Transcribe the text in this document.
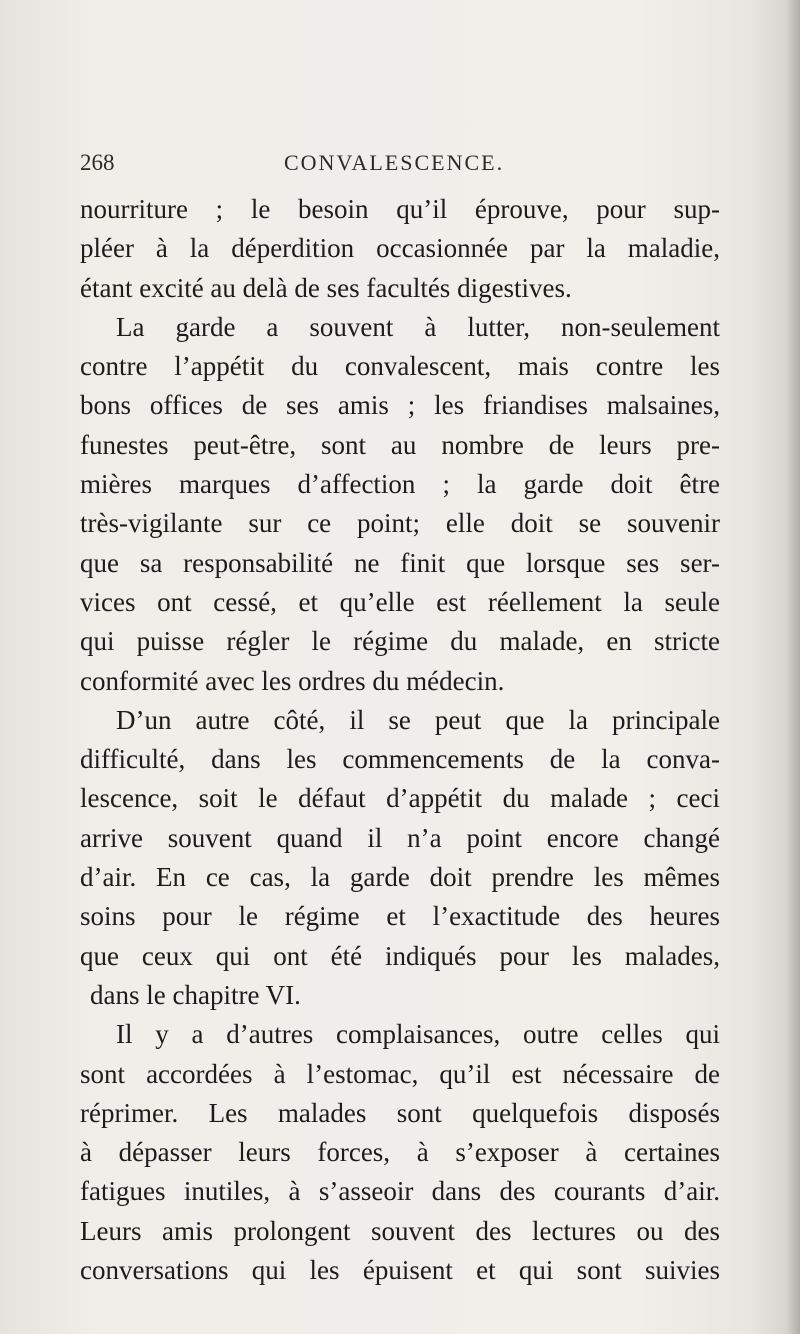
268	CONVALESCENCE.
nourriture ; le besoin qu’il éprouve, pour sup-
pléer à la déperdition occasionnée par la maladie,
étant excité au delà de ses facultés digestives.
La garde a souvent à lutter, non-seulement
contre l’appétit du convalescent, mais contre les
bons offices de ses amis ; les friandises malsaines,
funestes peut-être, sont au nombre de leurs pre-
mières marques d’affection ; la garde doit être
très-vigilante sur ce point; elle doit se souvenir
que sa responsabilité ne finit que lorsque ses ser-
vices ont cessé, et qu’elle est réellement la seule
qui puisse régler le régime du malade, en stricte
conformité avec les ordres du médecin.
D’un autre côté, il se peut que la principale
difficulté, dans les commencements de la conva-
lescence, soit le défaut d’appétit du malade ; ceci
arrive souvent quand il n’a point encore changé
d’air. En ce cas, la garde doit prendre les mêmes
soins pour le régime et l’exactitude des heures
que ceux qui ont été indiqués pour les malades,
dans le chapitre VI.
Il y a d’autres complaisances, outre celles qui
sont accordées à l’estomac, qu’il est nécessaire de
réprimer. Les malades sont quelquefois disposés
à dépasser leurs forces, à s’exposer à certaines
fatigues inutiles, à s’asseoir dans des courants d’air.
Leurs amis prolongent souvent des lectures ou des
conversations qui les épuisent et qui sont suivies
